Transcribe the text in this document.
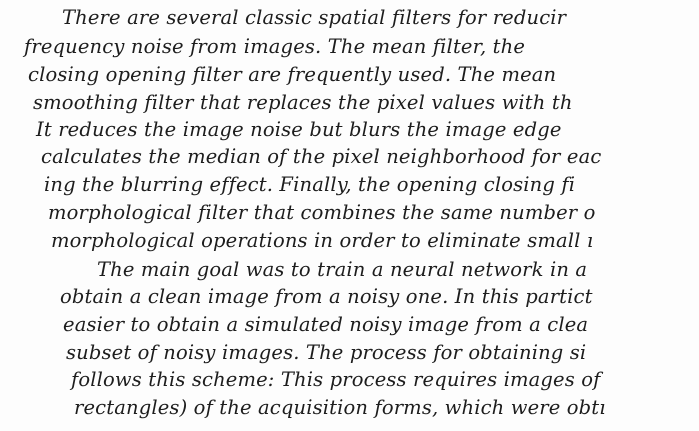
There are several classic spatial filters for reducir
frequency noise from images. The mean filter, the
closing opening filter are frequently used. The mean
smoothing filter that replaces the pixel values with th
It reduces the image noise but blurs the image edge
calculates the median of the pixel neighborhood for eac
ing the blurring effect. Finally, the opening closing fi
morphological filter that combines the same number o
morphological operations in order to eliminate small ı
The main goal was to train a neural network in a
obtain a clean image from a noisy one. In this partict
easier to obtain a simulated noisy image from a clea
subset of noisy images. The process for obtaining si
follows this scheme: This process requires images of
rectangles) of the acquisition forms, which were obtı
